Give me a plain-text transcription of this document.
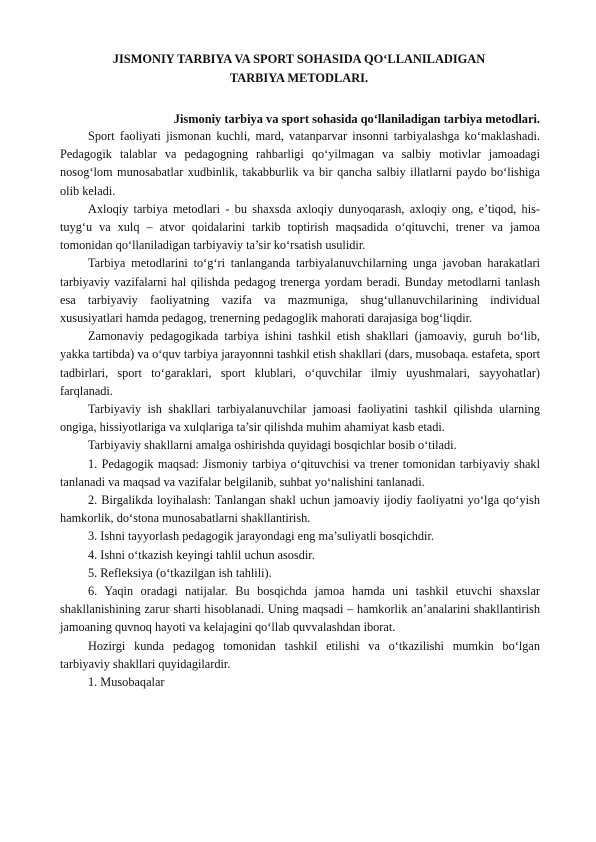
JISMONIY TARBIYA VA SPORT SOHASIDA QO‘LLANILADIGAN TARBIYA METODLARI.
Jismoniy tarbiya va sport sohasida qo‘llaniladigan tarbiya metodlari.

Sport faoliyati jismonan kuchli, mard, vatanparvar insonni tarbiyalashga ko‘maklashadi. Pedagogik talablar va pedagogning rahbarligi qo‘yilmagan va salbiy motivlar jamoadagi nosog‘lom munosabatlar xudbinlik, takabburlik va bir qancha salbiy illatlarni paydo bo‘lishiga olib keladi.

Axloqiy tarbiya metodlari - bu shaxsda axloqiy dunyoqarash, axloqiy ong, e’tiqod, his-tuyg‘u va xulq – atvor qoidalarini tarkib toptirish maqsadida o‘qituvchi, trener va jamoa tomonidan qo‘llaniladigan tarbiyaviy ta’sir ko‘rsatish usulidir.

Tarbiya metodlarini to‘g‘ri tanlanganda tarbiyalanuvchilarning unga javoban harakatlari tarbiyaviy vazifalarni hal qilishda pedagog trenerga yordam beradi. Bunday metodlarni tanlash esa tarbiyaviy faoliyatning vazifa va mazmuniga, shug‘ullanuvchilarining individual xususiyatlari hamda pedagog, trenerning pedagoglik mahorati darajasiga bog‘liqdir.

Zamonaviy pedagogikada tarbiya ishini tashkil etish shakllari (jamoaviy, guruh bo‘lib, yakka tartibda) va o‘quv tarbiya jarayonnni tashkil etish shakllari (dars, musobaqa. estafeta, sport tadbirlari, sport to‘garaklari, sport klublari, o‘quvchilar ilmiy uyushmalari, sayyohatlar) farqlanadi.

Tarbiyaviy ish shakllari tarbiyalanuvchilar jamoasi faoliyatini tashkil qilishda ularning ongiga, hissiyotlariga va xulqlariga ta’sir qilishda muhim ahamiyat kasb etadi.

Tarbiyaviy shakllarni amalga oshirishda quyidagi bosqichlar bosib o‘tiladi.

1. Pedagogik maqsad: Jismoniy tarbiya o‘qituvchisi va trener tomonidan tarbiyaviy shakl tanlanadi va maqsad va vazifalar belgilanib, suhbat yo‘nalishini tanlanadi.

2. Birgalikda loyihalash: Tanlangan shakl uchun jamoaviy ijodiy faoliyatni yo‘lga qo‘yish hamkorlik, do‘stona munosabatlarni shakllantirish.

3. Ishni tayyorlash pedagogik jarayondagi eng ma’suliyatli bosqichdir.

4. Ishni o‘tkazish keyingi tahlil uchun asosdir.

5. Refleksiya (o‘tkazilgan ish tahlili).

6. Yaqin oradagi natijalar. Bu bosqichda jamoa hamda uni tashkil etuvchi shaxslar shakllanishining zarur sharti hisoblanadi. Uning maqsadi – hamkorlik an’analarini shakllantirish jamoaning quvnoq hayoti va kelajagini qo‘llab quvvalashdan iborat.

Hozirgi kunda pedagog tomonidan tashkil etilishi va o‘tkazilishi mumkin bo‘lgan tarbiyaviy shakllari quyidagilardir.

1. Musobaqalar
